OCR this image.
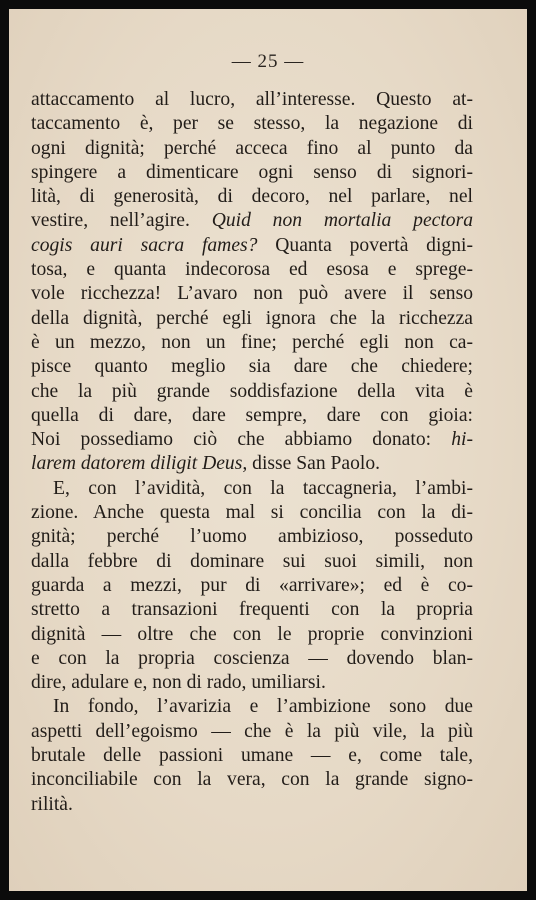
— 25 —
attaccamento al lucro, all’interesse. Questo at-
taccamento è, per se stesso, la negazione di
ogni dignità; perché acceca fino al punto da
spingere a dimenticare ogni senso di signori-
lità, di generosità, di decoro, nel parlare, nel
vestire, nell’agire. Quid non mortalia pectora
cogis auri sacra fames? Quanta povertà digni-
tosa, e quanta indecorosa ed esosa e sprege-
vole ricchezza! L’avaro non può avere il senso
della dignità, perché egli ignora che la ricchezza
è un mezzo, non un fine; perché egli non ca-
pisce quanto meglio sia dare che chiedere;
che la più grande soddisfazione della vita è
quella di dare, dare sempre, dare con gioia:
Noi possediamo ciò che abbiamo donato: hi-
larem datorem diligit Deus, disse San Paolo.
E, con l’avidità, con la taccagneria, l’ambi-
zione. Anche questa mal si concilia con la di-
gnità; perché l’uomo ambizioso, posseduto
dalla febbre di dominare sui suoi simili, non
guarda a mezzi, pur di «arrivare»; ed è co-
stretto a transazioni frequenti con la propria
dignità — oltre che con le proprie convinzioni
e con la propria coscienza — dovendo blan-
dire, adulare e, non di rado, umiliarsi.
In fondo, l’avarizia e l’ambizione sono due
aspetti dell’egoismo — che è la più vile, la più
brutale delle passioni umane — e, come tale,
inconciliabile con la vera, con la grande signo-
rilità.
